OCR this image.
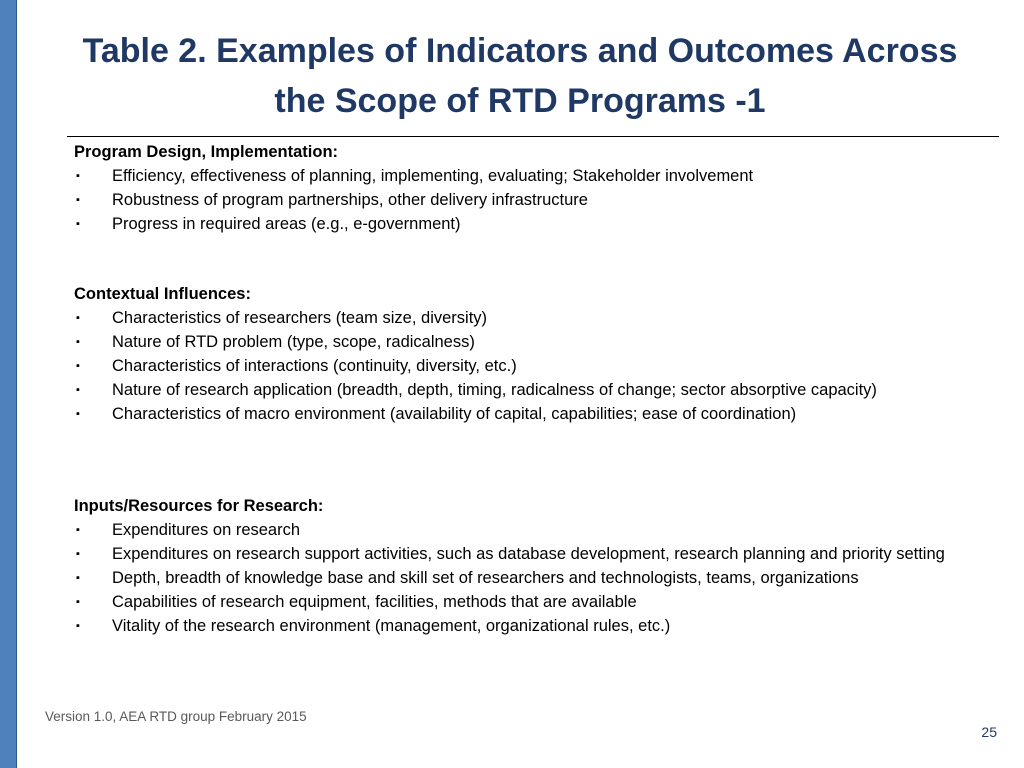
Table 2. Examples of Indicators and Outcomes Across
the Scope of RTD Programs -1

Program Design, Implementation:

▪ Efficiency, effectiveness of planning, implementing, evaluating; Stakeholder involvement
▪ Robustness of program partnerships, other delivery infrastructure
▪ Progress in required areas (e.g., e-government)

Contextual Influences:

▪ Characteristics of researchers (team size, diversity)
▪ Nature of RTD problem (type, scope, radicalness)
▪ Characteristics of interactions (continuity, diversity, etc.)
▪ Nature of research application (breadth, depth, timing, radicalness of change; sector absorptive capacity)
▪ Characteristics of macro environment (availability of capital, capabilities; ease of coordination)

Inputs/Resources for Research:

▪ Expenditures on research
▪ Expenditures on research support activities, such as database development, research planning and priority setting
▪ Depth, breadth of knowledge base and skill set of researchers and technologists, teams, organizations
▪ Capabilities of research equipment, facilities, methods that are available
▪ Vitality of the research environment (management, organizational rules, etc.)
Version 1.0, AEA RTD group February 2015
25
